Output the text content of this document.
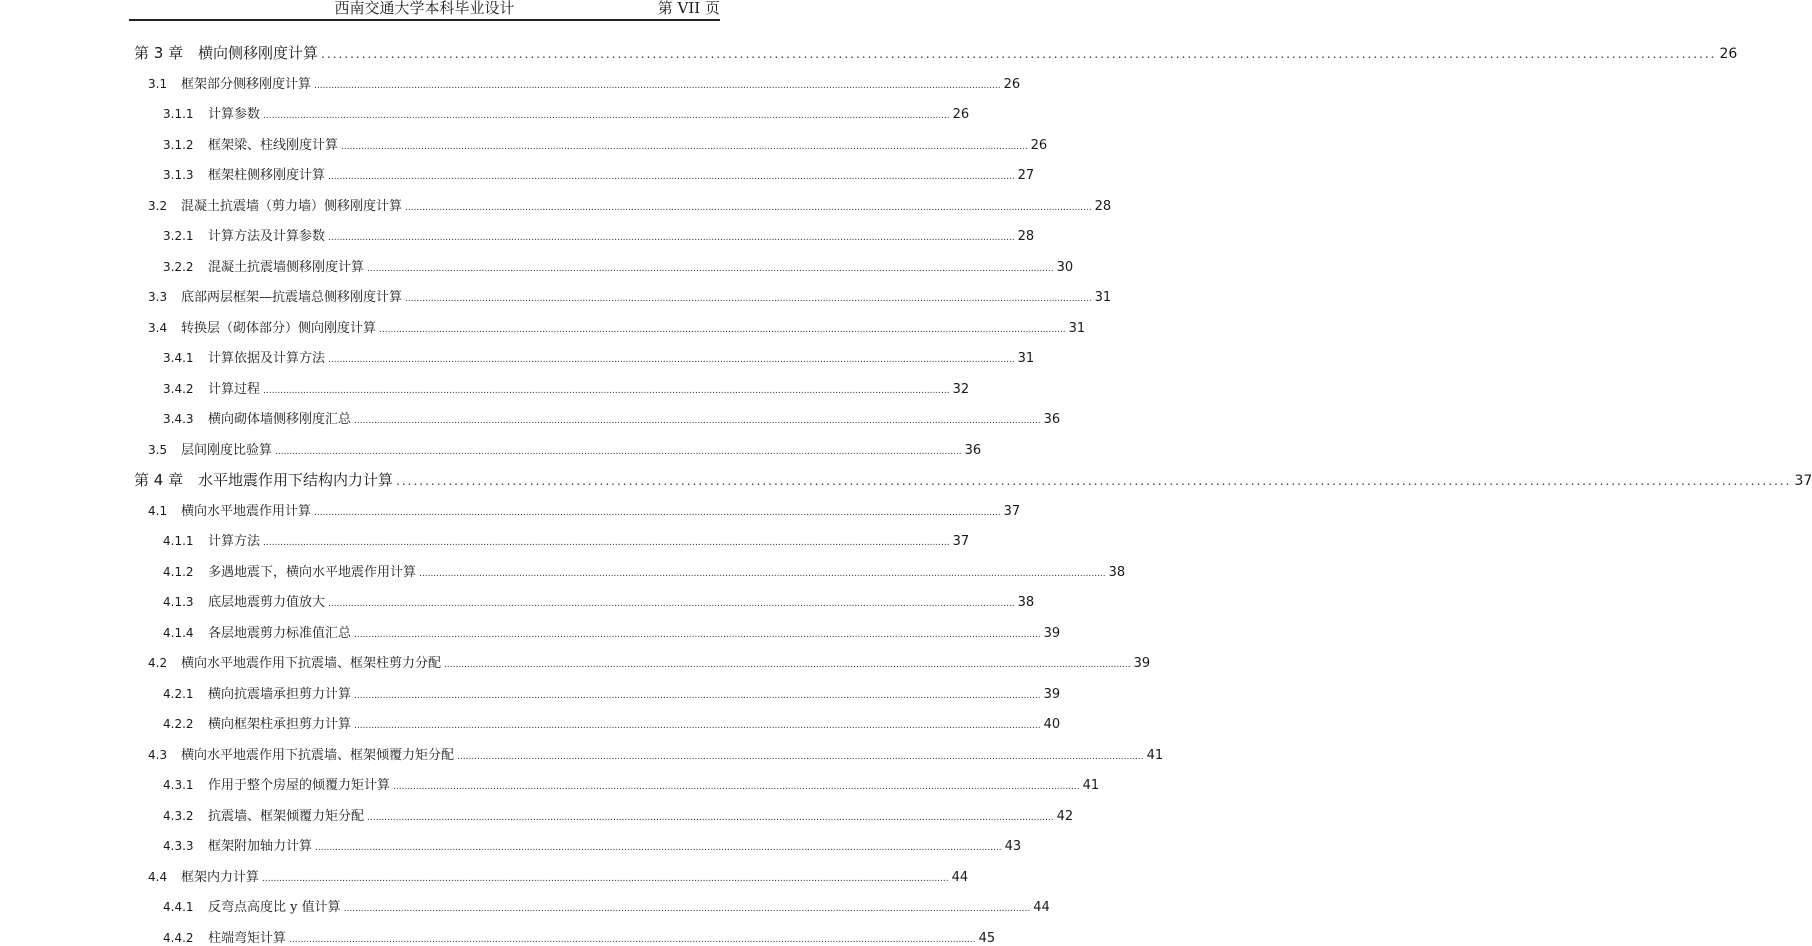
西南交通大学本科毕业设计	第 VII 页
第 3 章 横向侧移刚度计算 .....	26
3.1	框架部分侧移刚度计算 .....	26
3.1.1	计算参数 .....	26
3.1.2	框架梁、柱线刚度计算 .....	26
3.1.3	框架柱侧移刚度计算 .....	27
3.2	混凝土抗震墙（剪力墙）侧移刚度计算 .....	28
3.2.1	计算方法及计算参数 .....	28
3.2.2	混凝土抗震墙侧移刚度计算 .....	30
3.3	底部两层框架—抗震墙总侧移刚度计算 .....	31
3.4	转换层（砌体部分）侧向刚度计算 .....	31
3.4.1	计算依据及计算方法 .....	31
3.4.2	计算过程 .....	32
3.4.3	横向砌体墙侧移刚度汇总 .....	36
3.5	层间刚度比验算 .....	36
第 4 章 水平地震作用下结构内力计算 .....	37
4.1	横向水平地震作用计算 .....	37
4.1.1	计算方法 .....	37
4.1.2	多遇地震下，横向水平地震作用计算 .....	38
4.1.3	底层地震剪力值放大 .....	38
4.1.4	各层地震剪力标准值汇总 .....	39
4.2	横向水平地震作用下抗震墙、框架柱剪力分配 .....	39
4.2.1	横向抗震墙承担剪力计算 .....	39
4.2.2	横向框架柱承担剪力计算 .....	40
4.3	横向水平地震作用下抗震墙、框架倾覆力矩分配 .....	41
4.3.1	作用于整个房屋的倾覆力矩计算 .....	41
4.3.2	抗震墙、框架倾覆力矩分配 .....	42
4.3.3	框架附加轴力计算 .....	43
4.4	框架内力计算 .....	44
4.4.1	反弯点高度比 y 值计算 .....	44
4.4.2	柱端弯矩计算 .....	45
